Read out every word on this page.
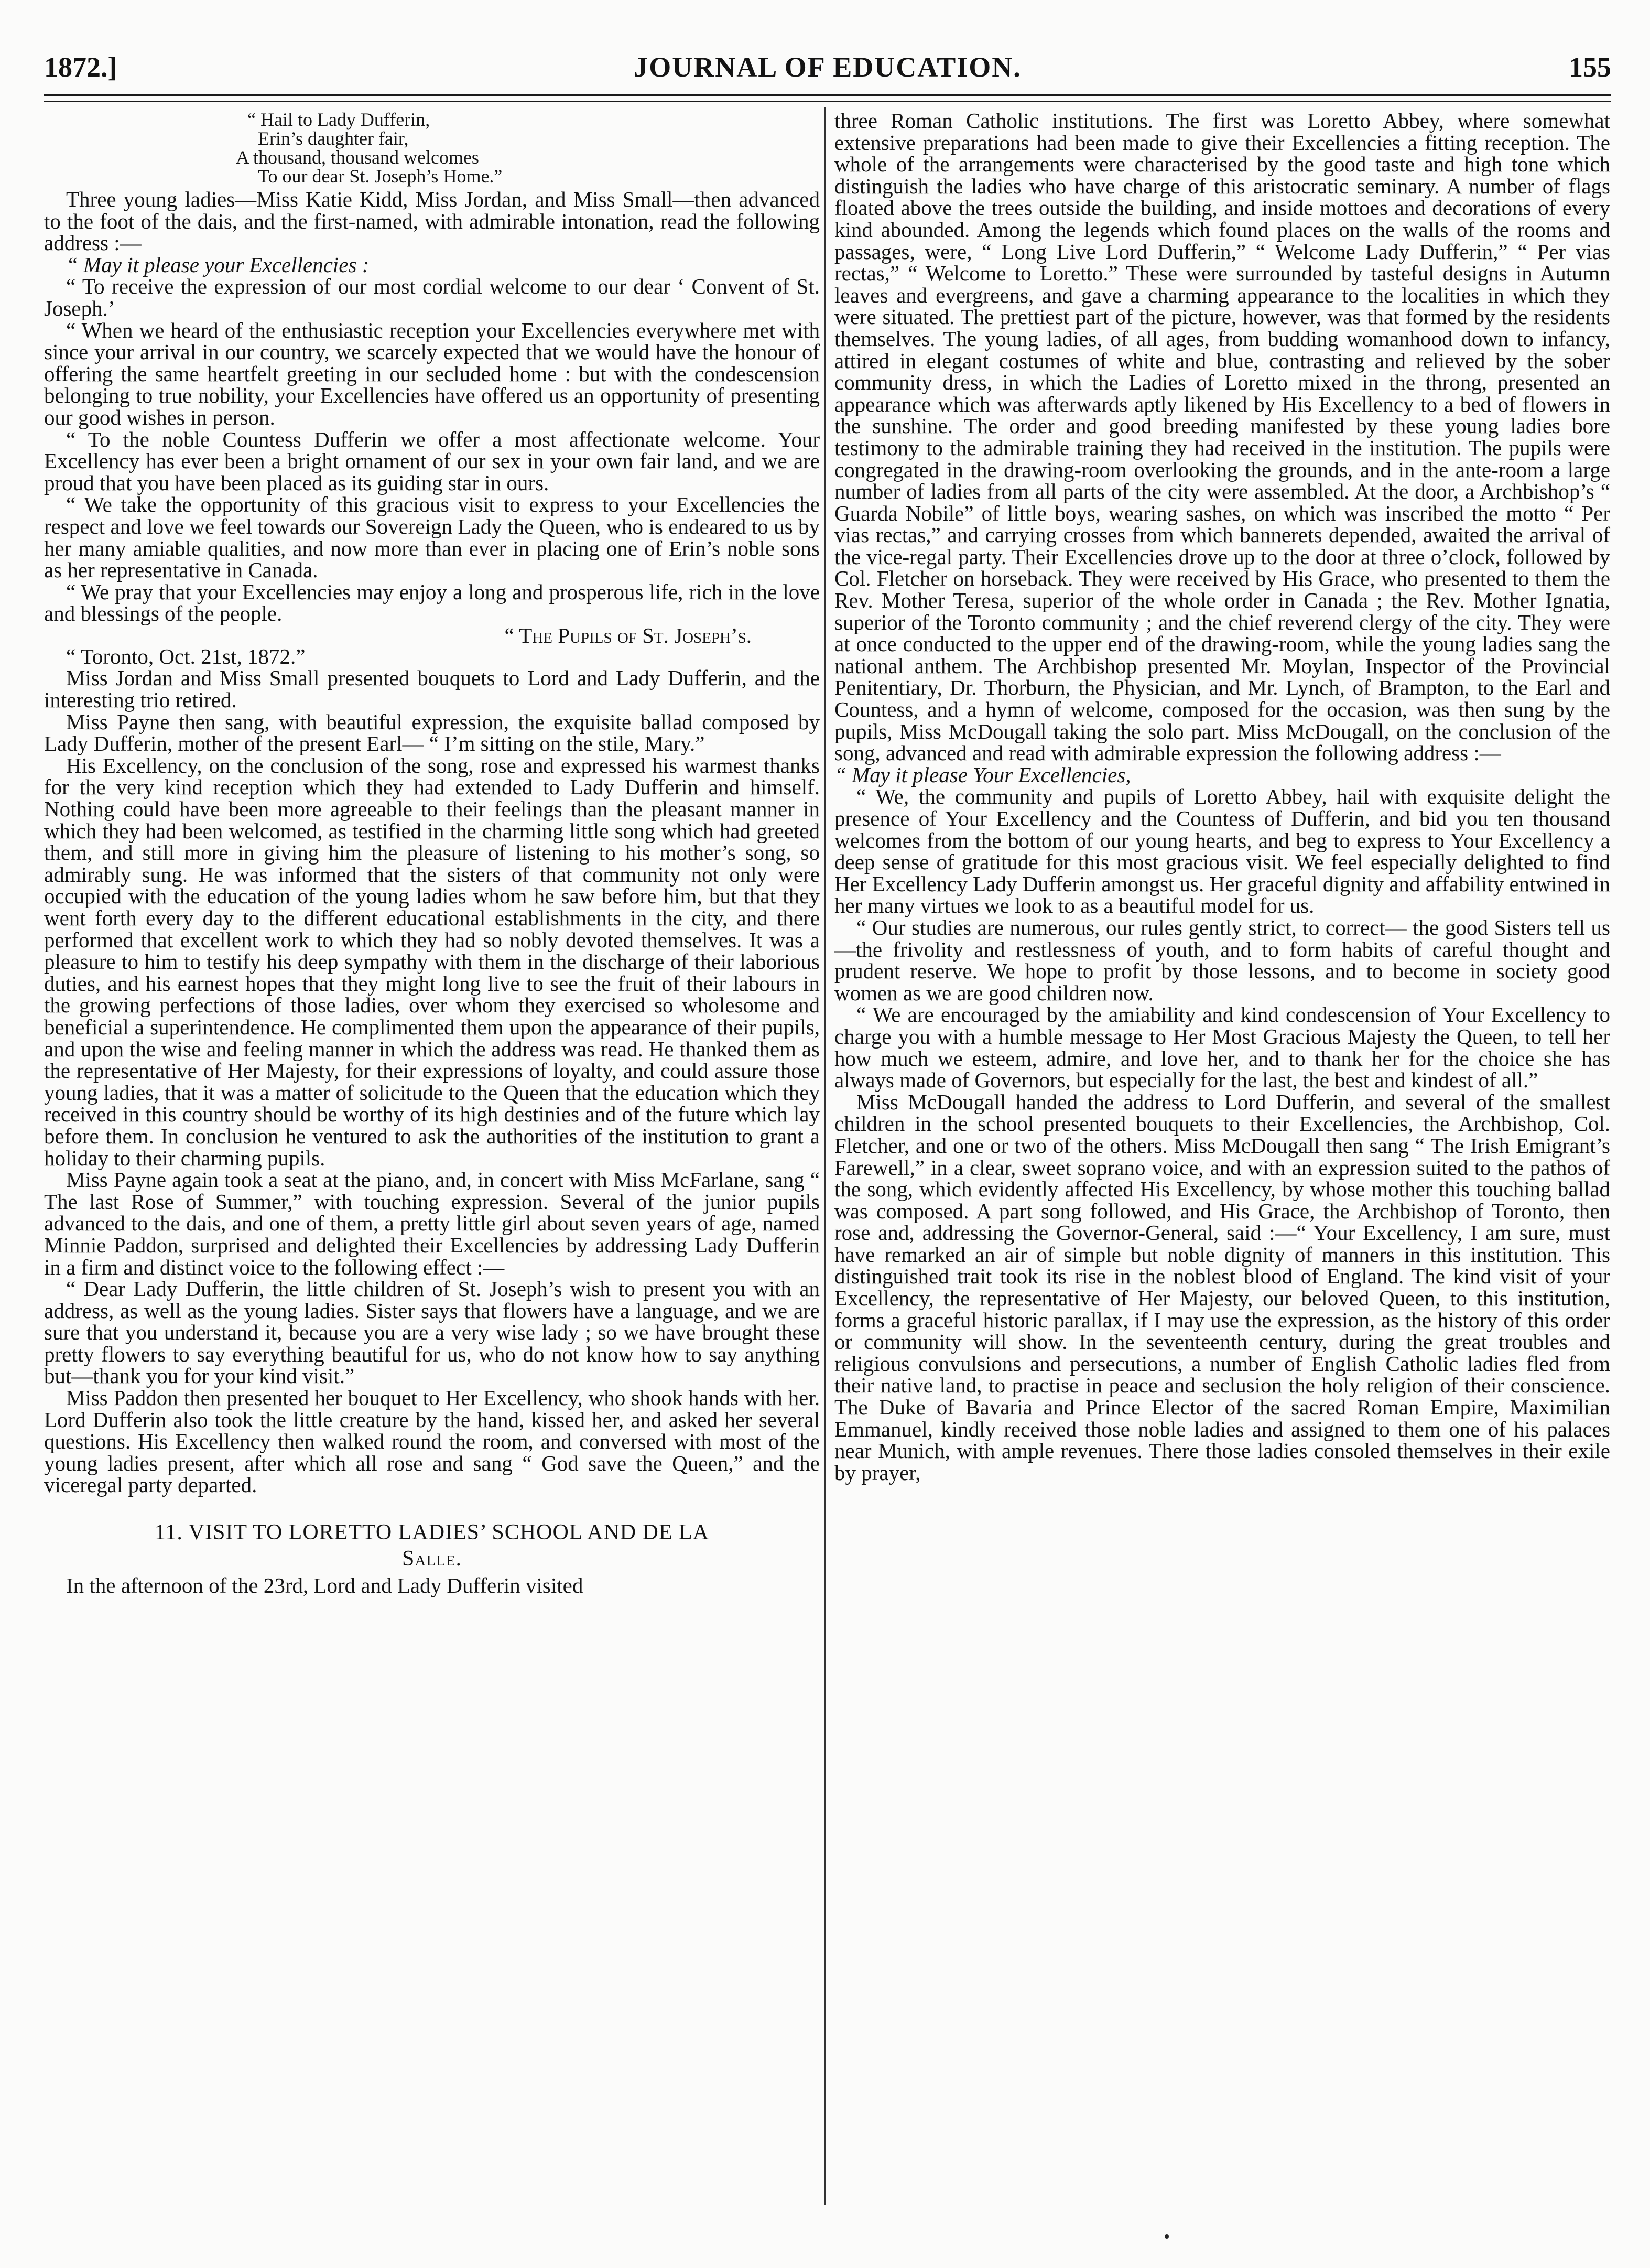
1872.]	JOURNAL OF EDUCATION.	155
“ Hail to Lady Dufferin,
Erin’s daughter fair,
A thousand, thousand welcomes
To our dear St. Joseph’s Home.”

Three young ladies—Miss Katie Kidd, Miss Jordan, and Miss Small—then advanced to the foot of the dais, and the first-named, with admirable intonation, read the following address :—

“ May it please your Excellencies :

“ To receive the expression of our most cordial welcome to our dear ‘ Convent of St. Joseph.’

“ When we heard of the enthusiastic reception your Excellencies everywhere met with since your arrival in our country, we scarcely expected that we would have the honour of offering the same heartfelt greeting in our secluded home : but with the condescension belonging to true nobility, your Excellencies have offered us an opportunity of presenting our good wishes in person.

“ To the noble Countess Dufferin we offer a most affectionate welcome. Your Excellency has ever been a bright ornament of our sex in your own fair land, and we are proud that you have been placed as its guiding star in ours.

“ We take the opportunity of this gracious visit to express to your Excellencies the respect and love we feel towards our Sovereign Lady the Queen, who is endeared to us by her many amiable qualities, and now more than ever in placing one of Erin’s noble sons as her representative in Canada.

“ We pray that your Excellencies may enjoy a long and prosperous life, rich in the love and blessings of the people.

“ The Pupils of St. Joseph’s.

“ Toronto, Oct. 21st, 1872.”

Miss Jordan and Miss Small presented bouquets to Lord and Lady Dufferin, and the interesting trio retired.

Miss Payne then sang, with beautiful expression, the exquisite ballad composed by Lady Dufferin, mother of the present Earl— “ I’m sitting on the stile, Mary.”

His Excellency, on the conclusion of the song, rose and expressed his warmest thanks for the very kind reception which they had extended to Lady Dufferin and himself. Nothing could have been more agreeable to their feelings than the pleasant manner in which they had been welcomed, as testified in the charming little song which had greeted them, and still more in giving him the pleasure of listening to his mother’s song, so admirably sung. He was informed that the sisters of that community not only were occupied with the education of the young ladies whom he saw before him, but that they went forth every day to the different educational establishments in the city, and there performed that excellent work to which they had so nobly devoted themselves. It was a pleasure to him to testify his deep sympathy with them in the discharge of their laborious duties, and his earnest hopes that they might long live to see the fruit of their labours in the growing perfections of those ladies, over whom they exercised so wholesome and beneficial a superintendence. He complimented them upon the appearance of their pupils, and upon the wise and feeling manner in which the address was read. He thanked them as the representative of Her Majesty, for their expressions of loyalty, and could assure those young ladies, that it was a matter of solicitude to the Queen that the education which they received in this country should be worthy of its high destinies and of the future which lay before them. In conclusion he ventured to ask the authorities of the institution to grant a holiday to their charming pupils.

Miss Payne again took a seat at the piano, and, in concert with Miss McFarlane, sang “ The last Rose of Summer,” with touching expression. Several of the junior pupils advanced to the dais, and one of them, a pretty little girl about seven years of age, named Minnie Paddon, surprised and delighted their Excellencies by addressing Lady Dufferin in a firm and distinct voice to the following effect :—

“ Dear Lady Dufferin, the little children of St. Joseph’s wish to present you with an address, as well as the young ladies. Sister says that flowers have a language, and we are sure that you understand it, because you are a very wise lady ; so we have brought these pretty flowers to say everything beautiful for us, who do not know how to say anything but—thank you for your kind visit.”

Miss Paddon then presented her bouquet to Her Excellency, who shook hands with her. Lord Dufferin also took the little creature by the hand, kissed her, and asked her several questions. His Excellency then walked round the room, and conversed with most of the young ladies present, after which all rose and sang “ God save the Queen,” and the viceregal party departed.

11. VISIT TO LORETTO LADIES’ SCHOOL AND DE LA
Salle.

In the afternoon of the 23rd, Lord and Lady Dufferin visited

three Roman Catholic institutions. The first was Loretto Abbey, where somewhat extensive preparations had been made to give their Excellencies a fitting reception. The whole of the arrangements were characterised by the good taste and high tone which distinguish the ladies who have charge of this aristocratic seminary. A number of flags floated above the trees outside the building, and inside mottoes and decorations of every kind abounded. Among the legends which found places on the walls of the rooms and passages, were, “ Long Live Lord Dufferin,” “ Welcome Lady Dufferin,” “ Per vias rectas,” “ Welcome to Loretto.” These were surrounded by tasteful designs in Autumn leaves and evergreens, and gave a charming appearance to the localities in which they were situated. The prettiest part of the picture, however, was that formed by the residents themselves. The young ladies, of all ages, from budding womanhood down to infancy, attired in elegant costumes of white and blue, contrasting and relieved by the sober community dress, in which the Ladies of Loretto mixed in the throng, presented an appearance which was afterwards aptly likened by His Excellency to a bed of flowers in the sunshine. The order and good breeding manifested by these young ladies bore testimony to the admirable training they had received in the institution. The pupils were congregated in the drawing-room overlooking the grounds, and in the ante-room a large number of ladies from all parts of the city were assembled. At the door, a Archbishop’s “ Guarda Nobile” of little boys, wearing sashes, on which was inscribed the motto “ Per vias rectas,” and carrying crosses from which bannerets depended, awaited the arrival of the vice-regal party. Their Excellencies drove up to the door at three o’clock, followed by Col. Fletcher on horseback. They were received by His Grace, who presented to them the Rev. Mother Teresa, superior of the whole order in Canada ; the Rev. Mother Ignatia, superior of the Toronto community ; and the chief reverend clergy of the city. They were at once conducted to the upper end of the drawing-room, while the young ladies sang the national anthem. The Archbishop presented Mr. Moylan, Inspector of the Provincial Penitentiary, Dr. Thorburn, the Physician, and Mr. Lynch, of Brampton, to the Earl and Countess, and a hymn of welcome, composed for the occasion, was then sung by the pupils, Miss McDougall taking the solo part. Miss McDougall, on the conclusion of the song, advanced and read with admirable expression the following address :—

“ May it please Your Excellencies,

“ We, the community and pupils of Loretto Abbey, hail with exquisite delight the presence of Your Excellency and the Countess of Dufferin, and bid you ten thousand welcomes from the bottom of our young hearts, and beg to express to Your Excellency a deep sense of gratitude for this most gracious visit. We feel especially delighted to find Her Excellency Lady Dufferin amongst us. Her graceful dignity and affability entwined in her many virtues we look to as a beautiful model for us.

“ Our studies are numerous, our rules gently strict, to correct— the good Sisters tell us—the frivolity and restlessness of youth, and to form habits of careful thought and prudent reserve. We hope to profit by those lessons, and to become in society good women as we are good children now.

“ We are encouraged by the amiability and kind condescension of Your Excellency to charge you with a humble message to Her Most Gracious Majesty the Queen, to tell her how much we esteem, admire, and love her, and to thank her for the choice she has always made of Governors, but especially for the last, the best and kindest of all.”

Miss McDougall handed the address to Lord Dufferin, and several of the smallest children in the school presented bouquets to their Excellencies, the Archbishop, Col. Fletcher, and one or two of the others. Miss McDougall then sang “ The Irish Emigrant’s Farewell,” in a clear, sweet soprano voice, and with an expression suited to the pathos of the song, which evidently affected His Excellency, by whose mother this touching ballad was composed. A part song followed, and His Grace, the Archbishop of Toronto, then rose and, addressing the Governor-General, said :—“ Your Excellency, I am sure, must have remarked an air of simple but noble dignity of manners in this institution. This distinguished trait took its rise in the noblest blood of England. The kind visit of your Excellency, the representative of Her Majesty, our beloved Queen, to this institution, forms a graceful historic parallax, if I may use the expression, as the history of this order or community will show. In the seventeenth century, during the great troubles and religious convulsions and persecutions, a number of English Catholic ladies fled from their native land, to practise in peace and seclusion the holy religion of their conscience. The Duke of Bavaria and Prince Elector of the sacred Roman Empire, Maximilian Emmanuel, kindly received those noble ladies and assigned to them one of his palaces near Munich, with ample revenues. There those ladies consoled themselves in their exile by prayer,
